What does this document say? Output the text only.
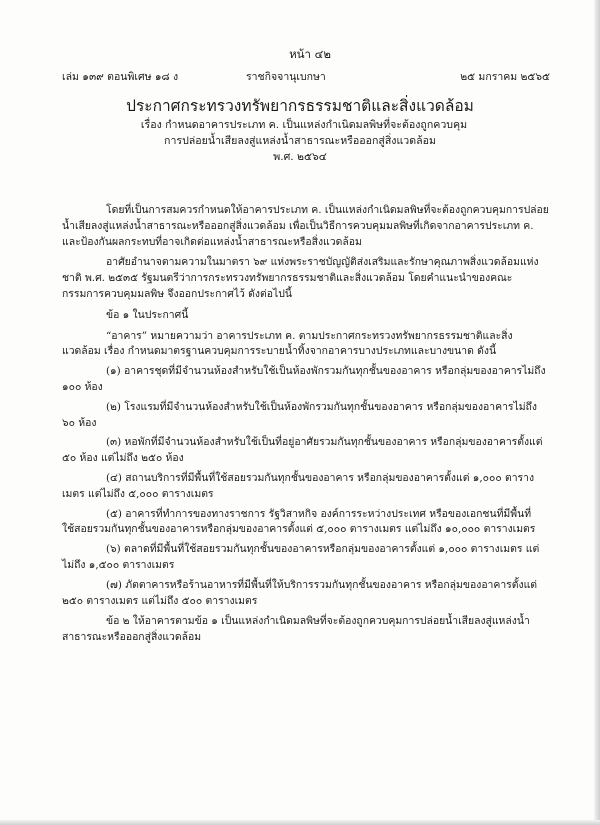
หน้า ๔๒
เล่ม ๑๓๙ ตอนพิเศษ ๑๘ ง	ราชกิจจานุเบกษา	๒๕ มกราคม ๒๕๖๕
ประกาศกระทรวงทรัพยากรธรรมชาติและสิ่งแวดล้อม
เรื่อง กำหนดอาคารประเภท ค. เป็นแหล่งกำเนิดมลพิษที่จะต้องถูกควบคุม
การปล่อยน้ำเสียลงสู่แหล่งน้ำสาธารณะหรือออกสู่สิ่งแวดล้อม
พ.ศ. ๒๕๖๔

โดยที่เป็นการสมควรกำหนดให้อาคารประเภท ค. เป็นแหล่งกำเนิดมลพิษที่จะต้องถูกควบคุมการปล่อยน้ำเสียลงสู่แหล่งน้ำสาธารณะหรือออกสู่สิ่งแวดล้อม เพื่อเป็นวิธีการควบคุมมลพิษที่เกิดจากอาคารประเภท ค. และป้องกันผลกระทบที่อาจเกิดต่อแหล่งน้ำสาธารณะหรือสิ่งแวดล้อม

อาศัยอำนาจตามความในมาตรา ๖๙ แห่งพระราชบัญญัติส่งเสริมและรักษาคุณภาพสิ่งแวดล้อมแห่งชาติ พ.ศ. ๒๕๓๕ รัฐมนตรีว่าการกระทรวงทรัพยากรธรรมชาติและสิ่งแวดล้อม โดยคำแนะนำของคณะกรรมการควบคุมมลพิษ จึงออกประกาศไว้ ดังต่อไปนี้

ข้อ ๑ ในประกาศนี้

“อาคาร” หมายความว่า อาคารประเภท ค. ตามประกาศกระทรวงทรัพยากรธรรมชาติและสิ่งแวดล้อม เรื่อง กำหนดมาตรฐานควบคุมการระบายน้ำทิ้งจากอาคารบางประเภทและบางขนาด ดังนี้

(๑) อาคารชุดที่มีจำนวนห้องสำหรับใช้เป็นห้องพักรวมกันทุกชั้นของอาคาร หรือกลุ่มของอาคารไม่ถึง ๑๐๐ ห้อง

(๒) โรงแรมที่มีจำนวนห้องสำหรับใช้เป็นห้องพักรวมกันทุกชั้นของอาคาร หรือกลุ่มของอาคารไม่ถึง ๖๐ ห้อง

(๓) หอพักที่มีจำนวนห้องสำหรับใช้เป็นที่อยู่อาศัยรวมกันทุกชั้นของอาคาร หรือกลุ่มของอาคารตั้งแต่ ๕๐ ห้อง แต่ไม่ถึง ๒๕๐ ห้อง

(๔) สถานบริการที่มีพื้นที่ใช้สอยรวมกันทุกชั้นของอาคาร หรือกลุ่มของอาคารตั้งแต่ ๑,๐๐๐ ตารางเมตร แต่ไม่ถึง ๕,๐๐๐ ตารางเมตร

(๕) อาคารที่ทำการของทางราชการ รัฐวิสาหกิจ องค์การระหว่างประเทศ หรือของเอกชนที่มีพื้นที่ใช้สอยรวมกันทุกชั้นของอาคารหรือกลุ่มของอาคารตั้งแต่ ๕,๐๐๐ ตารางเมตร แต่ไม่ถึง ๑๐,๐๐๐ ตารางเมตร

(๖) ตลาดที่มีพื้นที่ใช้สอยรวมกันทุกชั้นของอาคารหรือกลุ่มของอาคารตั้งแต่ ๑,๐๐๐ ตารางเมตร แต่ไม่ถึง ๑,๕๐๐ ตารางเมตร

(๗) ภัตตาคารหรือร้านอาหารที่มีพื้นที่ให้บริการรวมกันทุกชั้นของอาคาร หรือกลุ่มของอาคารตั้งแต่ ๒๕๐ ตารางเมตร แต่ไม่ถึง ๕๐๐ ตารางเมตร

ข้อ ๒ ให้อาคารตามข้อ ๑ เป็นแหล่งกำเนิดมลพิษที่จะต้องถูกควบคุมการปล่อยน้ำเสียลงสู่แหล่งน้ำสาธารณะหรือออกสู่สิ่งแวดล้อม
